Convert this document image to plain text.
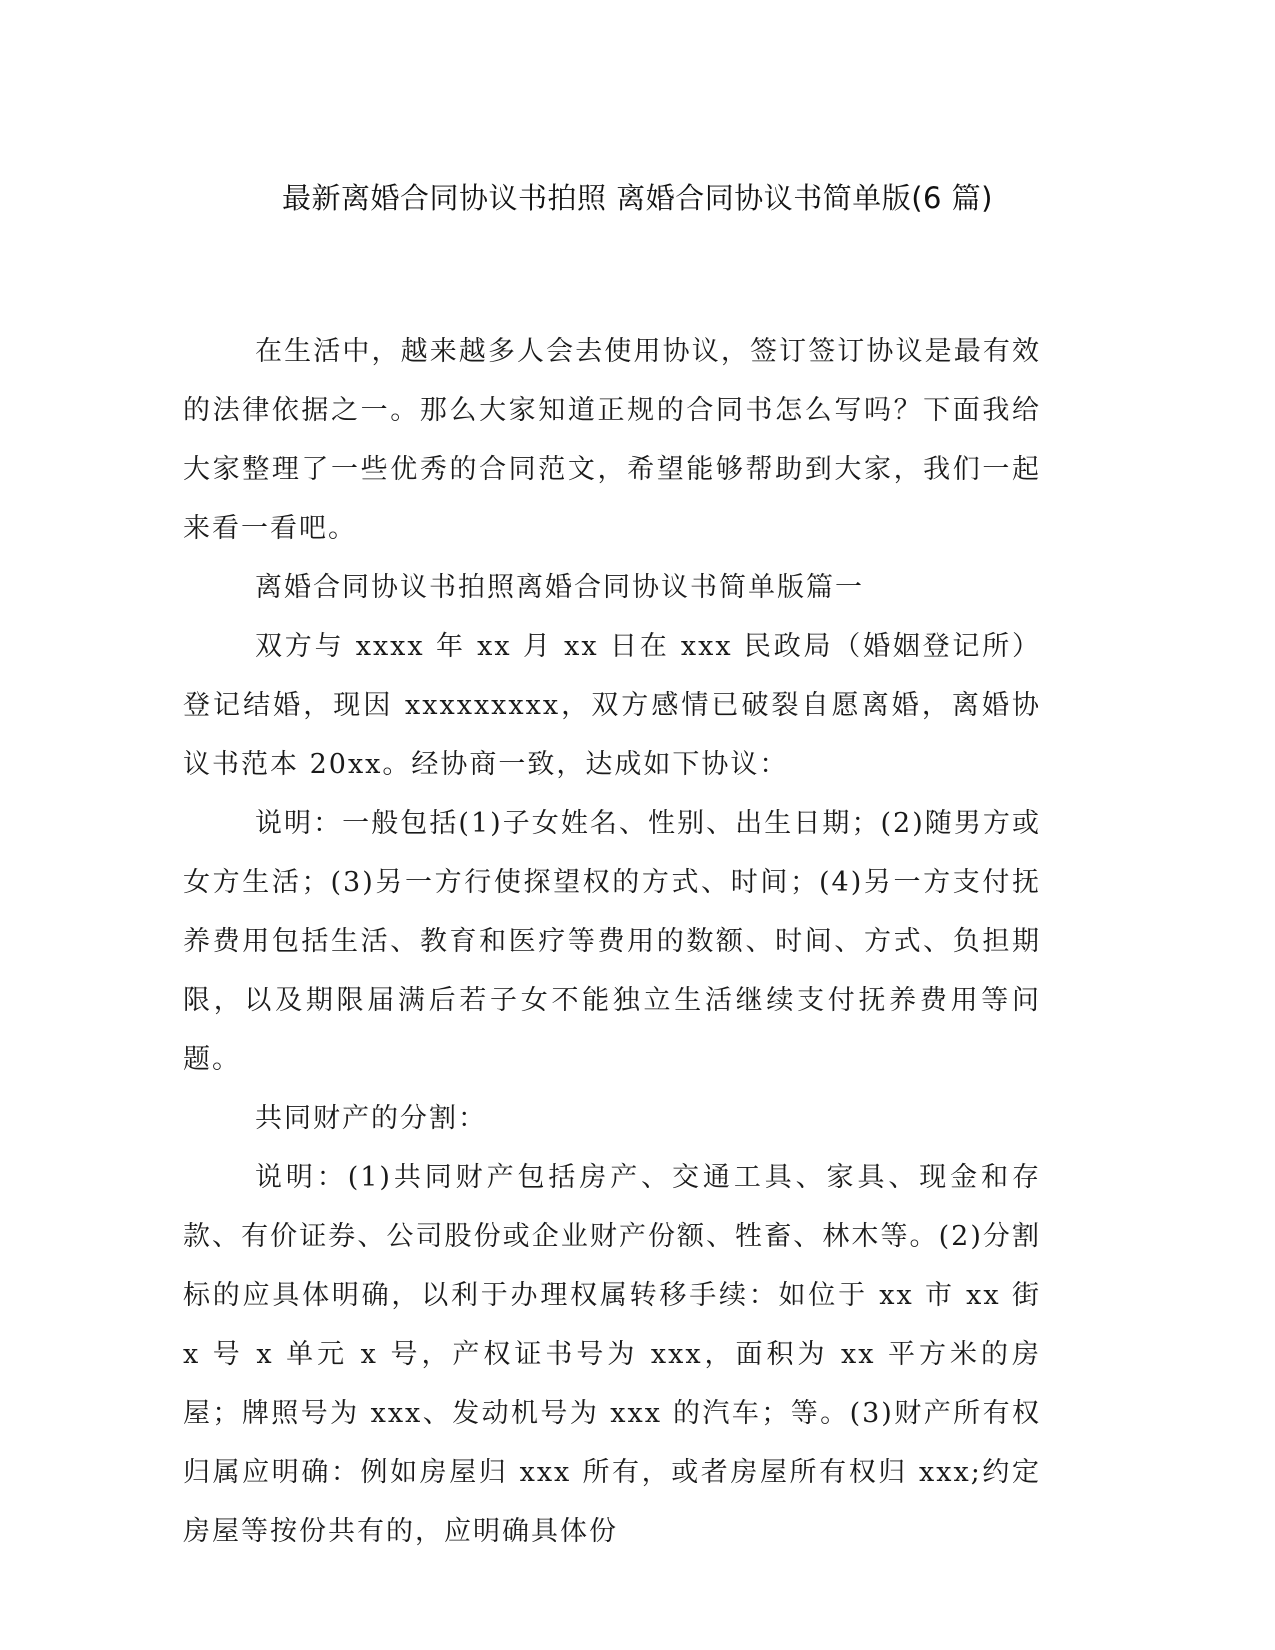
最新离婚合同协议书拍照 离婚合同协议书简单版(6 篇)

在生活中，越来越多人会去使用协议，签订签订协议是最有效的法律依据之一。那么大家知道正规的合同书怎么写吗？下面我给大家整理了一些优秀的合同范文，希望能够帮助到大家，我们一起来看一看吧。

离婚合同协议书拍照离婚合同协议书简单版篇一

双方与 xxxx 年 xx 月 xx 日在 xxx 民政局（婚姻登记所）登记结婚，现因 xxxxxxxxx，双方感情已破裂自愿离婚，离婚协议书范本 20xx。经协商一致，达成如下协议：

说明：一般包括(1)子女姓名、性别、出生日期；(2)随男方或女方生活；(3)另一方行使探望权的方式、时间；(4)另一方支付抚养费用包括生活、教育和医疗等费用的数额、时间、方式、负担期限，以及期限届满后若子女不能独立生活继续支付抚养费用等问题。

共同财产的分割：

说明：(1)共同财产包括房产、交通工具、家具、现金和存款、有价证券、公司股份或企业财产份额、牲畜、林木等。(2)分割标的应具体明确，以利于办理权属转移手续：如位于 xx 市 xx 街 x 号 x 单元 x 号，产权证书号为 xxx，面积为 xx 平方米的房屋；牌照号为 xxx、发动机号为 xxx 的汽车；等。(3)财产所有权归属应明确：例如房屋归 xxx 所有，或者房屋所有权归 xxx;约定房屋等按份共有的，应明确具体份
